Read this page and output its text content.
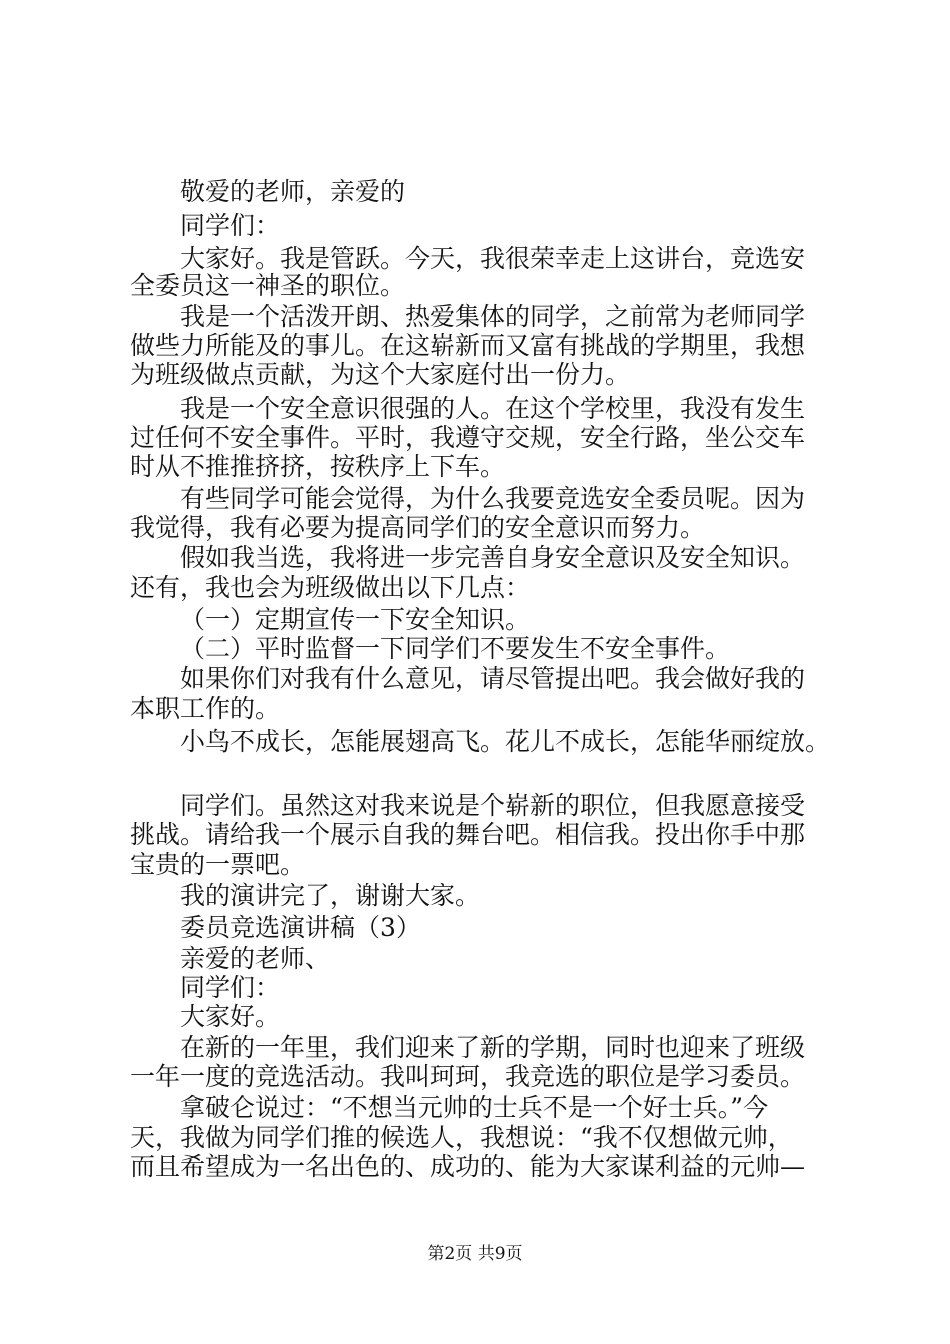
敬爱的老师，亲爱的
同学们：
大家好。我是管跃。今天，我很荣幸走上这讲台，竞选安
全委员这一神圣的职位。
我是一个活泼开朗、热爱集体的同学，之前常为老师同学
做些力所能及的事儿。在这崭新而又富有挑战的学期里，我想
为班级做点贡献，为这个大家庭付出一份力。
我是一个安全意识很强的人。在这个学校里，我没有发生
过任何不安全事件。平时，我遵守交规，安全行路，坐公交车
时从不推推挤挤，按秩序上下车。
有些同学可能会觉得，为什么我要竞选安全委员呢。因为
我觉得，我有必要为提高同学们的安全意识而努力。
假如我当选，我将进一步完善自身安全意识及安全知识。
还有，我也会为班级做出以下几点：
（一）定期宣传一下安全知识。
（二）平时监督一下同学们不要发生不安全事件。
如果你们对我有什么意见，请尽管提出吧。我会做好我的
本职工作的。
小鸟不成长，怎能展翅高飞。花儿不成长，怎能华丽绽放。
同学们。虽然这对我来说是个崭新的职位，但我愿意接受
挑战。请给我一个展示自我的舞台吧。相信我。投出你手中那
宝贵的一票吧。
我的演讲完了，谢谢大家。
委员竞选演讲稿（3）
亲爱的老师、
同学们：
大家好。
在新的一年里，我们迎来了新的学期，同时也迎来了班级
一年一度的竞选活动。我叫珂珂，我竞选的职位是学习委员。
拿破仑说过：“不想当元帅的士兵不是一个好士兵。”今
天，我做为同学们推的候选人，我想说：“我不仅想做元帅，
而且希望成为一名出色的、成功的、能为大家谋利益的元帅—
第2页 共9页
